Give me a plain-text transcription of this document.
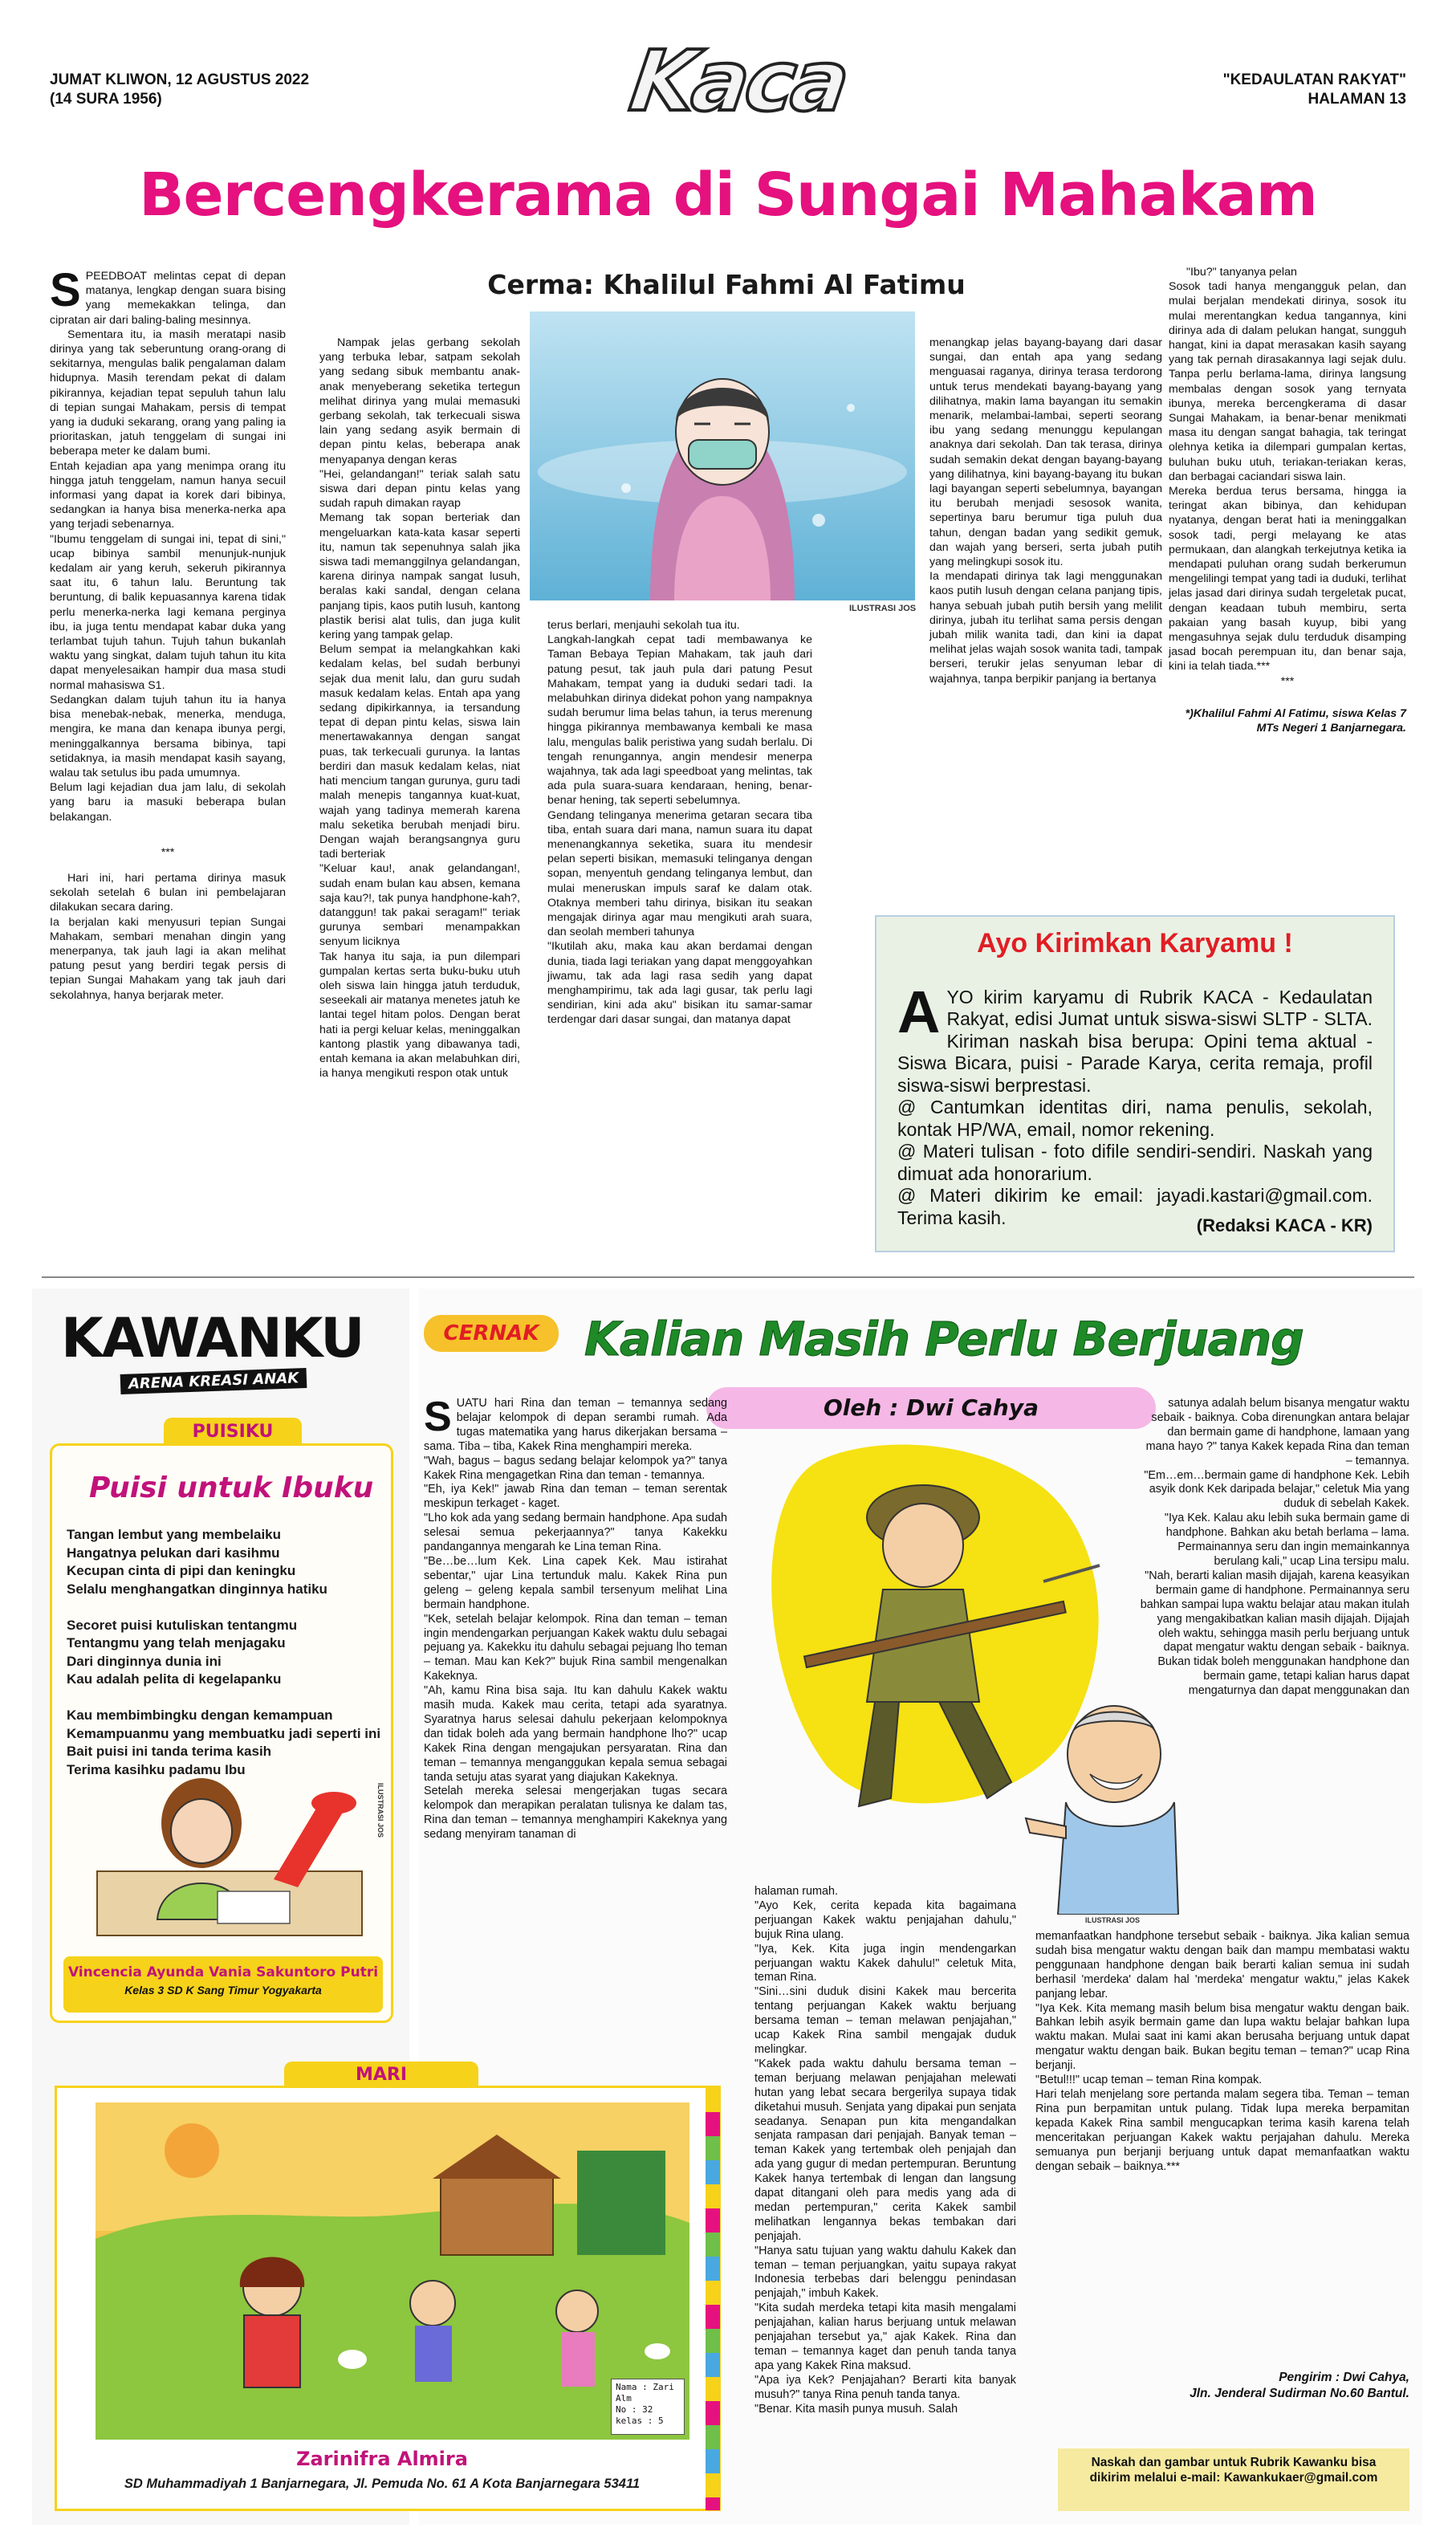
JUMAT KLIWON, 12 AGUSTUS 2022
(14 SURA 1956)
"KEDAULATAN RAKYAT"
HALAMAN 13
Kaca
Bercengkerama di Sungai Mahakam
Cerma: Khalilul Fahmi Al Fatimu
ILUSTRASI JOS
S PEEDBOAT melintas cepat di depan matanya, lengkap dengan suara bising yang memekakkan telinga, dan cipratan air dari baling-baling mesinnya.

Sementara itu, ia masih meratapi nasib dirinya yang tak seberuntung orang-orang di sekitarnya, mengulas balik pengalaman dalam hidupnya. Masih terendam pekat di dalam pikirannya, kejadian tepat sepuluh tahun lalu di tepian sungai Mahakam, persis di tempat yang ia duduki sekarang, orang yang paling ia prioritaskan, jatuh tenggelam di sungai ini beberapa meter ke dalam bumi.
Entah kejadian apa yang menimpa orang itu hingga jatuh tenggelam, namun hanya secuil informasi yang dapat ia korek dari bibinya, sedangkan ia hanya bisa menerka-nerka apa yang terjadi sebenarnya.
"Ibumu tenggelam di sungai ini, tepat di sini," ucap bibinya sambil menunjuk-nunjuk kedalam air yang keruh, sekeruh pikirannya saat itu, 6 tahun lalu. Beruntung tak beruntung, di balik kepuasannya karena tidak perlu menerka-nerka lagi kemana perginya ibu, ia juga tentu mendapat kabar duka yang terlambat tujuh tahun. Tujuh tahun bukanlah waktu yang singkat, dalam tujuh tahun itu kita dapat menyelesaikan hampir dua masa studi normal mahasiswa S1.
Sedangkan dalam tujuh tahun itu ia hanya bisa menebak-nebak, menerka, menduga, mengira, ke mana dan kenapa ibunya pergi, meninggalkannya bersama bibinya, tapi setidaknya, ia masih mendapat kasih sayang, walau tak setulus ibu pada umumnya.
Belum lagi kejadian dua jam lalu, di sekolah yang baru ia masuki beberapa bulan belakangan.

***

Hari ini, hari pertama dirinya masuk sekolah setelah 6 bulan ini pembelajaran dilakukan secara daring.
Ia berjalan kaki menyusuri tepian Sungai Mahakam, sembari menahan dingin yang menerpanya, tak jauh lagi ia akan melihat patung pesut yang berdiri tegak persis di tepian Sungai Mahakam yang tak jauh dari sekolahnya, hanya berjarak meter.

Nampak jelas gerbang sekolah yang terbuka lebar, satpam sekolah yang sedang sibuk membantu anak-anak menyeberang seketika tertegun melihat dirinya yang mulai memasuki gerbang sekolah, tak terkecuali siswa lain yang sedang asyik bermain di depan pintu kelas, beberapa anak menyapanya dengan keras
"Hei, gelandangan!" teriak salah satu siswa dari depan pintu kelas yang sudah rapuh dimakan rayap
Memang tak sopan berteriak dan mengeluarkan kata-kata kasar seperti itu, namun tak sepenuhnya salah jika siswa tadi memanggilnya gelandangan, karena dirinya nampak sangat lusuh, beralas kaki sandal, dengan celana panjang tipis, kaos putih lusuh, kantong plastik berisi alat tulis, dan juga kulit kering yang tampak gelap.
Belum sempat ia melangkahkan kaki kedalam kelas, bel sudah berbunyi sejak dua menit lalu, dan guru sudah masuk kedalam kelas. Entah apa yang sedang dipikirkannya, ia tersandung tepat di depan pintu kelas, siswa lain menertawakannya dengan sangat puas, tak terkecuali gurunya. Ia lantas berdiri dan masuk kedalam kelas, niat hati mencium tangan gurunya, guru tadi malah menepis tangannya kuat-kuat, wajah yang tadinya memerah karena malu seketika berubah menjadi biru. Dengan wajah berangsangnya guru tadi berteriak
"Keluar kau!, anak gelandangan!, sudah enam bulan kau absen, kemana saja kau?!, tak punya handphone-kah?, datanggun! tak pakai seragam!" teriak gurunya sembari menampakkan senyum liciknya
Tak hanya itu saja, ia pun dilempari gumpalan kertas serta buku-buku utuh oleh siswa lain hingga jatuh terduduk, seseekali air matanya menetes jatuh ke lantai tegel hitam polos. Dengan berat hati ia pergi keluar kelas, meninggalkan kantong plastik yang dibawanya tadi, entah kemana ia akan melabuhkan diri, ia hanya mengikuti respon otak untuk

terus berlari, menjauhi sekolah tua itu.
Langkah-langkah cepat tadi membawanya ke Taman Bebaya Tepian Mahakam, tak jauh dari patung pesut, tak jauh pula dari patung Pesut Mahakam, tempat yang ia duduki sedari tadi. Ia melabuhkan dirinya didekat pohon yang nampaknya sudah berumur lima belas tahun, ia terus merenung hingga pikirannya membawanya kembali ke masa lalu, mengulas balik peristiwa yang sudah berlalu. Di tengah renungannya, angin mendesir menerpa wajahnya, tak ada lagi speedboat yang melintas, tak ada pula suara-suara kendaraan, hening, benar-benar hening, tak seperti sebelumnya.
Gendang telinganya menerima getaran secara tiba tiba, entah suara dari mana, namun suara itu dapat menenangkannya seketika, suara itu mendesir pelan seperti bisikan, memasuki telinganya dengan sopan, menyentuh gendang telinganya lembut, dan mulai meneruskan impuls saraf ke dalam otak. Otaknya memberi tahu dirinya, bisikan itu seakan mengajak dirinya agar mau mengikuti arah suara, dan seolah memberi tahunya
"Ikutilah aku, maka kau akan berdamai dengan dunia, tiada lagi teriakan yang dapat menggoyahkan jiwamu, tak ada lagi rasa sedih yang dapat menghampirimu, tak ada lagi gusar, tak perlu lagi sendirian, kini ada aku" bisikan itu samar-samar terdengar dari dasar sungai, dan matanya dapat

menangkap jelas bayang-bayang dari dasar sungai, dan entah apa yang sedang menguasai raganya, dirinya terasa terdorong untuk terus mendekati bayang-bayang yang dilihatnya, makin lama bayangan itu semakin menarik, melambai-lambai, seperti seorang ibu yang sedang menunggu kepulangan anaknya dari sekolah. Dan tak terasa, dirinya sudah semakin dekat dengan bayang-bayang yang dilihatnya, kini bayang-bayang itu bukan lagi bayangan seperti sebelumnya, bayangan itu berubah menjadi sesosok wanita, sepertinya baru berumur tiga puluh dua tahun, dengan badan yang sedikit gemuk, dan wajah yang berseri, serta jubah putih yang melingkupi sosok itu.
Ia mendapati dirinya tak lagi menggunakan kaos putih lusuh dengan celana panjang tipis, hanya sebuah jubah putih bersih yang melilit dirinya, jubah itu terlihat sama persis dengan jubah milik wanita tadi, dan kini ia dapat melihat jelas wajah sosok wanita tadi, tampak berseri, terukir jelas senyuman lebar di wajahnya, tanpa berpikir panjang ia bertanya

"Ibu?" tanyanya pelan
Sosok tadi hanya mengangguk pelan, dan mulai berjalan mendekati dirinya, sosok itu mulai merentangkan kedua tangannya, kini dirinya ada di dalam pelukan hangat, sungguh hangat, kini ia dapat merasakan kasih sayang yang tak pernah dirasakannya lagi sejak dulu. Tanpa perlu berlama-lama, dirinya langsung membalas dengan sosok yang ternyata ibunya, mereka bercengkerama di dasar Sungai Mahakam, ia benar-benar menikmati masa itu dengan sangat bahagia, tak teringat olehnya ketika ia dilempari gumpalan kertas, buluhan buku utuh, teriakan-teriakan keras, dan berbagai caciandari siswa lain.
Mereka berdua terus bersama, hingga ia teringat akan bibinya, dan kehidupan nyatanya, dengan berat hati ia meninggalkan sosok tadi, pergi melayang ke atas permukaan, dan alangkah terkejutnya ketika ia mendapati puluhan orang sudah berkerumun mengelilingi tempat yang tadi ia duduki, terlihat jelas jasad dari dirinya sudah tergeletak pucat, dengan keadaan tubuh membiru, serta pakaian yang basah kuyup, bibi yang mengasuhnya sejak dulu terduduk disamping jasad bocah perempuan itu, dan benar saja, kini ia telah tiada.***

***

*)Khalilul Fahmi Al Fatimu, siswa Kelas 7 MTs Negeri 1 Banjarnegara.

Ayo Kirimkan Karyamu !

AYO kirim karyamu di Rubrik KACA - Kedaulatan Rakyat, edisi Jumat untuk siswa-siswi SLTP - SLTA. Kiriman naskah bisa berupa: Opini tema aktual - Siswa Bicara, puisi - Parade Karya, cerita remaja, profil siswa-siswi berprestasi.
@ Cantumkan identitas diri, nama penulis, sekolah, kontak HP/WA, email, nomor rekening.
@ Materi tulisan - foto difile sendiri-sendiri. Naskah yang dimuat ada honorarium.
@ Materi dikirim ke email: jayadi.kastari@gmail.com. Terima kasih.	(Redaksi KACA - KR)
KAWANKU
ARENA KREASI ANAK
PUISIKU
Puisi untuk Ibuku
Tangan lembut yang membelaiku
Hangatnya pelukan dari kasihmu
Kecupan cinta di pipi dan keningku
Selalu menghangatkan dinginnya hatiku

Secoret puisi kutuliskan tentangmu
Tentangmu yang telah menjagaku
Dari dinginnya dunia ini
Kau adalah pelita di kegelapanku

Kau membimbingku dengan kemampuan
Kemampuanmu yang membuatku jadi seperti ini
Bait puisi ini tanda terima kasih
Terima kasihku padamu Ibu
ILUSTRASI JOS
Vincencia Ayunda Vania Sakuntoro Putri
Kelas 3 SD K Sang Timur Yogyakarta
CERNAK Kalian Masih Perlu Berjuang
Oleh : Dwi Cahya
ILUSTRASI JOS
S UATU hari Rina dan teman – temannya sedang belajar kelompok di depan serambi rumah. Ada tugas matematika yang harus dikerjakan bersama – sama. Tiba – tiba, Kakek Rina menghampiri mereka.
"Wah, bagus – bagus sedang belajar kelompok ya?" tanya Kakek Rina mengagetkan Rina dan teman - temannya.
"Eh, iya Kek!" jawab Rina dan teman – teman serentak meskipun terkaget - kaget.
"Lho kok ada yang sedang bermain handphone. Apa sudah selesai semua pekerjaannya?" tanya Kakekku pandangannya mengarah ke Lina teman Rina.
"Be…be…lum Kek. Lina capek Kek. Mau istirahat sebentar," ujar Lina tertunduk malu. Kakek Rina pun geleng – geleng kepala sambil tersenyum melihat Lina bermain handphone.
"Kek, setelah belajar kelompok. Rina dan teman – teman ingin mendengarkan perjuangan Kakek waktu dulu sebagai pejuang ya. Kakekku itu dahulu sebagai pejuang lho teman – teman. Mau kan Kek?" bujuk Rina sambil mengenalkan Kakeknya.
"Ah, kamu Rina bisa saja. Itu kan dahulu Kakek waktu masih muda. Kakek mau cerita, tetapi ada syaratnya. Syaratnya harus selesai dahulu pekerjaan kelompoknya dan tidak boleh ada yang bermain handphone lho?" ucap Kakek Rina dengan mengajukan persyaratan. Rina dan teman – temannya menganggukan kepala semua sebagai tanda setuju atas syarat yang diajukan Kakeknya.
Setelah mereka selesai mengerjakan tugas secara kelompok dan merapikan peralatan tulisnya ke dalam tas, Rina dan teman – temannya menghampiri Kakeknya yang sedang menyiram tanaman di
halaman rumah.
"Ayo Kek, cerita kepada kita bagaimana perjuangan Kakek waktu penjajahan dahulu," bujuk Rina ulang.
"Iya, Kek. Kita juga ingin mendengarkan perjuangan waktu Kakek dahulu!" celetuk Mita, teman Rina.
"Sini…sini duduk disini Kakek mau bercerita tentang perjuangan Kakek waktu berjuang bersama teman – teman melawan penjajahan," ucap Kakek Rina sambil mengajak duduk melingkar.
"Kakek pada waktu dahulu bersama teman – teman berjuang melawan penjajahan melewati hutan yang lebat secara bergerilya supaya tidak diketahui musuh. Senjata yang dipakai pun senjata seadanya. Senapan pun kita mengandalkan senjata rampasan dari penjajah. Banyak teman – teman Kakek yang tertembak oleh penjajah dan ada yang gugur di medan pertempuran. Beruntung Kakek hanya tertembak di lengan dan langsung dapat ditangani oleh para medis yang ada di medan pertempuran," cerita Kakek sambil melihatkan lengannya bekas tembakan dari penjajah.
"Hanya satu tujuan yang waktu dahulu Kakek dan teman – teman perjuangkan, yaitu supaya rakyat Indonesia terbebas dari belenggu penindasan penjajah," imbuh Kakek.
"Kita sudah merdeka tetapi kita masih mengalami penjajahan, kalian harus berjuang untuk melawan penjajahan tersebut ya," ajak Kakek. Rina dan teman – temannya kaget dan penuh tanda tanya apa yang Kakek Rina maksud.
"Apa iya Kek? Penjajahan? Berarti kita banyak musuh?" tanya Rina penuh tanda tanya.
"Benar. Kita masih punya musuh. Salah
satunya adalah belum bisanya mengatur waktu sebaik - baiknya. Coba direnungkan antara belajar dan bermain game di handphone, lamaan yang mana hayo ?" tanya Kakek kepada Rina dan teman – temannya.
"Em…em…bermain game di handphone Kek. Lebih asyik donk Kek daripada belajar," celetuk Mia yang duduk di sebelah Kakek.
"Iya Kek. Kalau aku lebih suka bermain game di handphone. Bahkan aku betah berlama – lama. Permainannya seru dan ingin memainkannya berulang kali," ucap Lina tersipu malu.
"Nah, berarti kalian masih dijajah, karena keasyikan bermain game di handphone. Permainannya seru bahkan sampai lupa waktu belajar atau makan itulah yang mengakibatkan kalian masih dijajah. Dijajah oleh waktu, sehingga masih perlu berjuang untuk dapat mengatur waktu dengan sebaik - baiknya. Bukan tidak boleh menggunakan handphone dan bermain game, tetapi kalian harus dapat mengaturnya dan dapat menggunakan dan
memanfaatkan handphone tersebut sebaik - baiknya. Jika kalian semua sudah bisa mengatur waktu dengan baik dan mampu membatasi waktu penggunaan handphone dengan baik berarti kalian semua ini sudah berhasil 'merdeka' dalam hal 'merdeka' mengatur waktu," jelas Kakek panjang lebar.
"Iya Kek. Kita memang masih belum bisa mengatur waktu dengan baik. Bahkan lebih asyik bermain game dan lupa waktu belajar bahkan lupa waktu makan. Mulai saat ini kami akan berusaha berjuang untuk dapat mengatur waktu dengan baik. Bukan begitu teman – teman?" ucap Rina berjanji.
"Betul!!!" ucap teman – teman Rina kompak.
Hari telah menjelang sore pertanda malam segera tiba. Teman – teman Rina pun berpamitan untuk pulang. Tidak lupa mereka berpamitan kepada Kakek Rina sambil mengucapkan terima kasih karena telah menceritakan perjuangan Kakek waktu perjajahan dahulu. Mereka semuanya pun berjanji berjuang untuk dapat memanfaatkan waktu dengan sebaik – baiknya.***
Pengirim : Dwi Cahya,
Jln. Jenderal Sudirman No.60 Bantul.
Naskah dan gambar untuk Rubrik Kawanku bisa dikirim melalui e-mail: Kawankukaer@gmail.com
MARI
Nama : Zari
Alm
No : 32
kelas : 5
Zarinifra Almira
SD Muhammadiyah 1 Banjarnegara, Jl. Pemuda No. 61 A Kota Banjarnegara 53411
